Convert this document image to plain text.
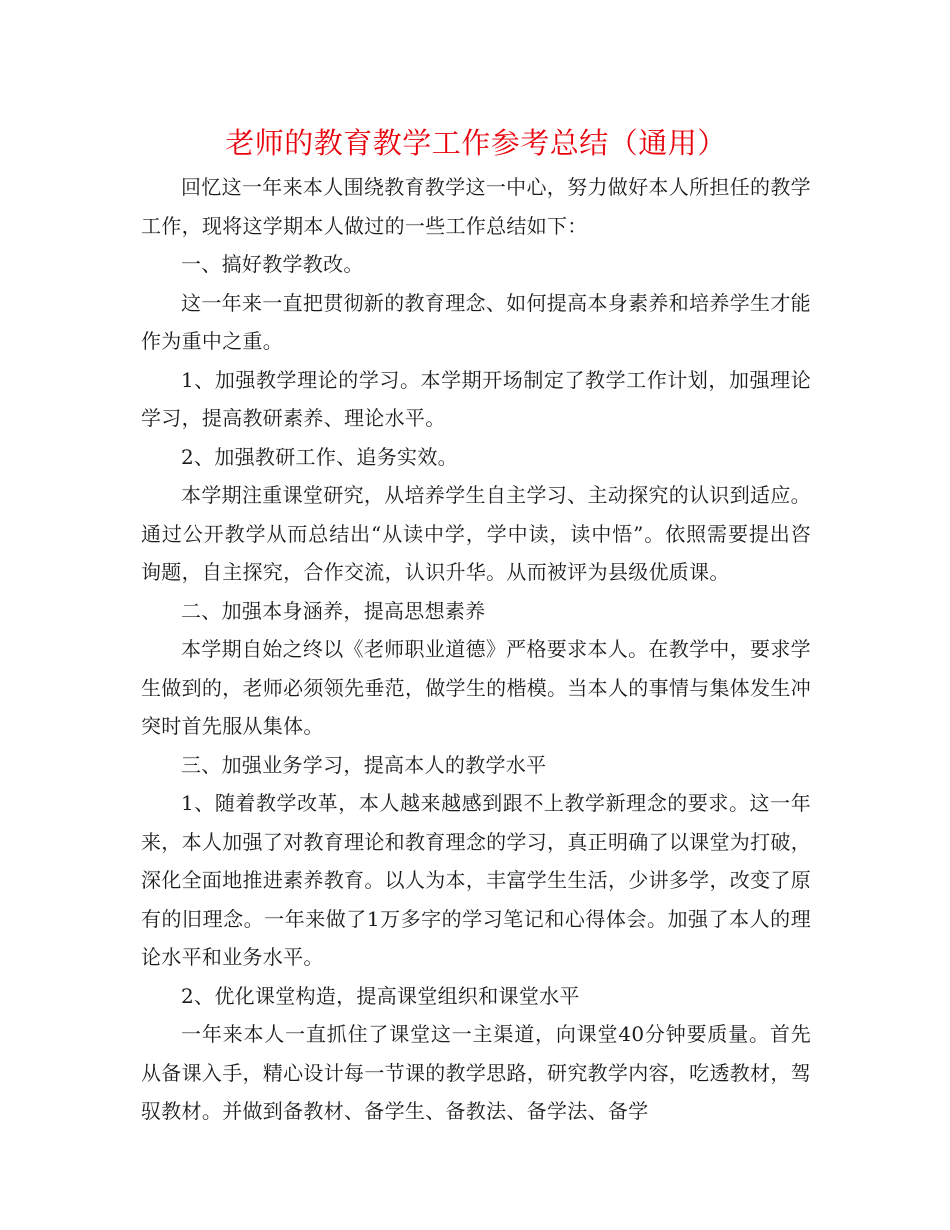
老师的教育教学工作参考总结（通用）

回忆这一年来本人围绕教育教学这一中心，努力做好本人所担任的教学工作，现将这学期本人做过的一些工作总结如下：

一、搞好教学教改。

这一年来一直把贯彻新的教育理念、如何提高本身素养和培养学生才能作为重中之重。

1、加强教学理论的学习。本学期开场制定了教学工作计划，加强理论学习，提高教研素养、理论水平。

2、加强教研工作、追务实效。

本学期注重课堂研究，从培养学生自主学习、主动探究的认识到适应。通过公开教学从而总结出“从读中学，学中读，读中悟”。依照需要提出咨询题，自主探究，合作交流，认识升华。从而被评为县级优质课。

二、加强本身涵养，提高思想素养

本学期自始之终以《老师职业道德》严格要求本人。在教学中，要求学生做到的，老师必须领先垂范，做学生的楷模。当本人的事情与集体发生冲突时首先服从集体。

三、加强业务学习，提高本人的教学水平

1、随着教学改革，本人越来越感到跟不上教学新理念的要求。这一年来，本人加强了对教育理论和教育理念的学习，真正明确了以课堂为打破，深化全面地推进素养教育。以人为本，丰富学生生活，少讲多学，改变了原有的旧理念。一年来做了1万多字的学习笔记和心得体会。加强了本人的理论水平和业务水平。

2、优化课堂构造，提高课堂组织和课堂水平

一年来本人一直抓住了课堂这一主渠道，向课堂40分钟要质量。首先从备课入手，精心设计每一节课的教学思路，研究教学内容，吃透教材，驾驭教材。并做到备教材、备学生、备教法、备学法、备学
